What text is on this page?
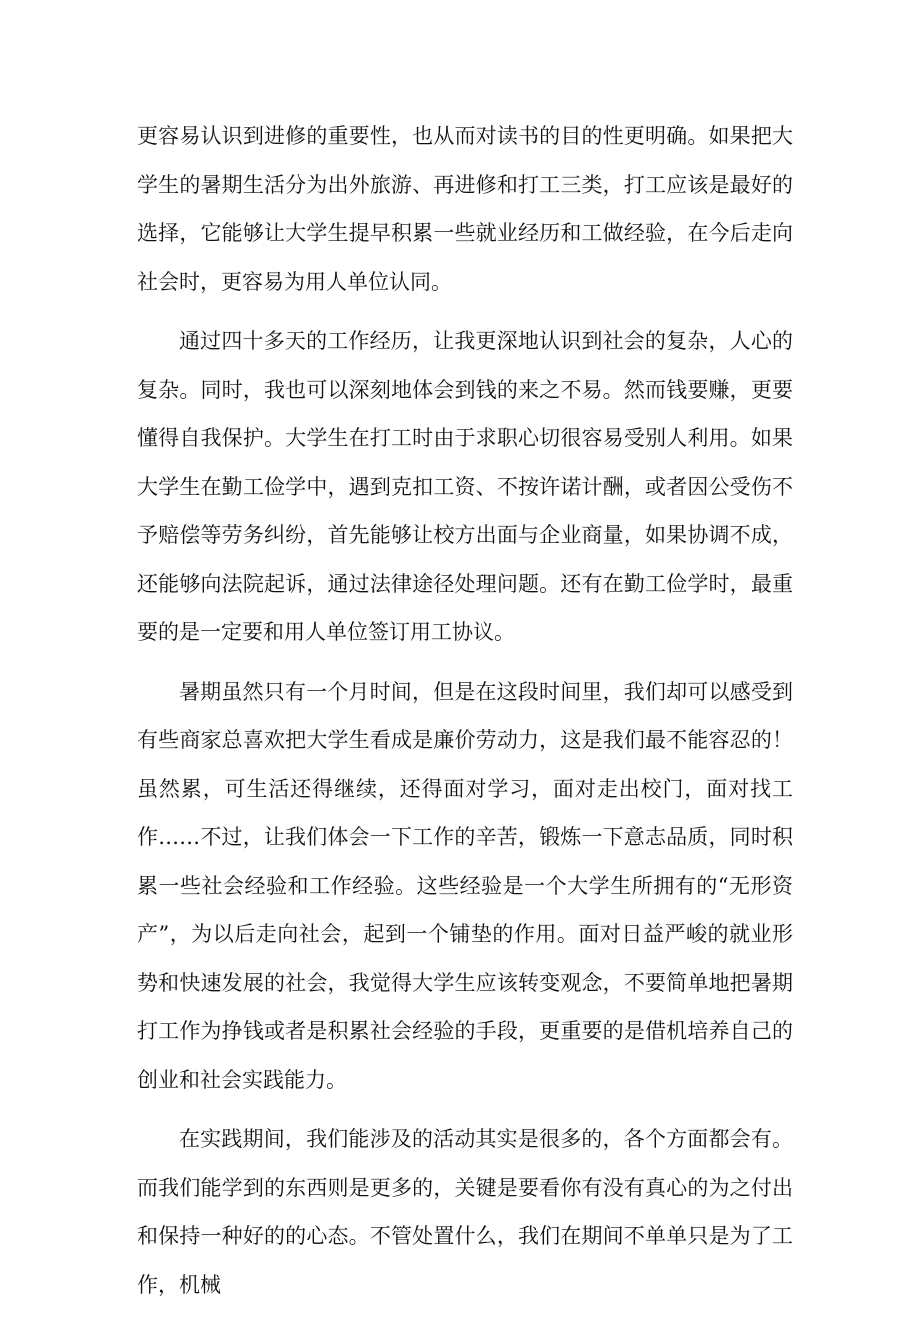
更容易认识到进修的重要性，也从而对读书的目的性更明确。如果把大学生的暑期生活分为出外旅游、再进修和打工三类，打工应该是最好的选择，它能够让大学生提早积累一些就业经历和工做经验，在今后走向社会时，更容易为用人单位认同。

通过四十多天的工作经历，让我更深地认识到社会的复杂，人心的复杂。同时，我也可以深刻地体会到钱的来之不易。然而钱要赚，更要懂得自我保护。大学生在打工时由于求职心切很容易受别人利用。如果大学生在勤工俭学中，遇到克扣工资、不按许诺计酬，或者因公受伤不予赔偿等劳务纠纷，首先能够让校方出面与企业商量，如果协调不成，还能够向法院起诉，通过法律途径处理问题。还有在勤工俭学时，最重要的是一定要和用人单位签订用工协议。

暑期虽然只有一个月时间，但是在这段时间里，我们却可以感受到有些商家总喜欢把大学生看成是廉价劳动力，这是我们最不能容忍的！虽然累，可生活还得继续，还得面对学习，面对走出校门，面对找工作……不过，让我们体会一下工作的辛苦，锻炼一下意志品质，同时积累一些社会经验和工作经验。这些经验是一个大学生所拥有的“无形资产”，为以后走向社会，起到一个铺垫的作用。面对日益严峻的就业形势和快速发展的社会，我觉得大学生应该转变观念，不要简单地把暑期打工作为挣钱或者是积累社会经验的手段，更重要的是借机培养自己的创业和社会实践能力。

在实践期间，我们能涉及的活动其实是很多的，各个方面都会有。而我们能学到的东西则是更多的，关键是要看你有没有真心的为之付出和保持一种好的的心态。不管处置什么，我们在期间不单单只是为了工作，机械
